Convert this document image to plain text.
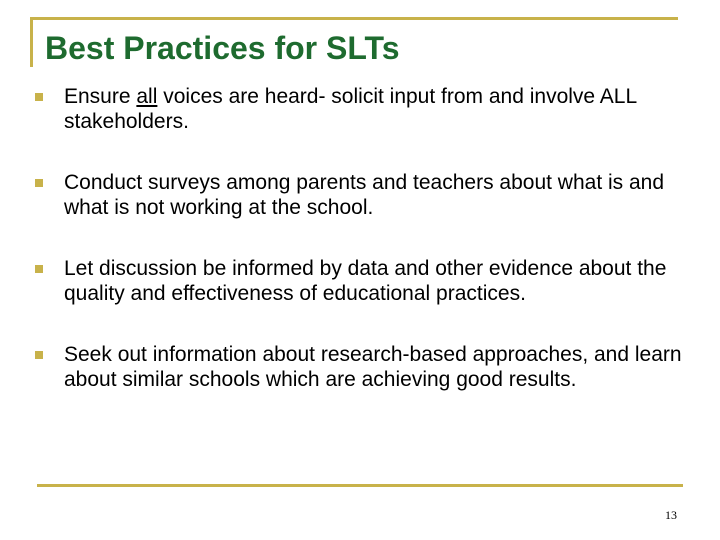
Best Practices for SLTs
Ensure all voices are heard- solicit input from and involve ALL stakeholders.
Conduct surveys among parents and teachers about what is and what is not working at the school.
Let discussion be informed by data and other evidence about the quality and effectiveness of educational practices.
Seek out information about research-based approaches, and learn about similar schools which are achieving good results.
13
